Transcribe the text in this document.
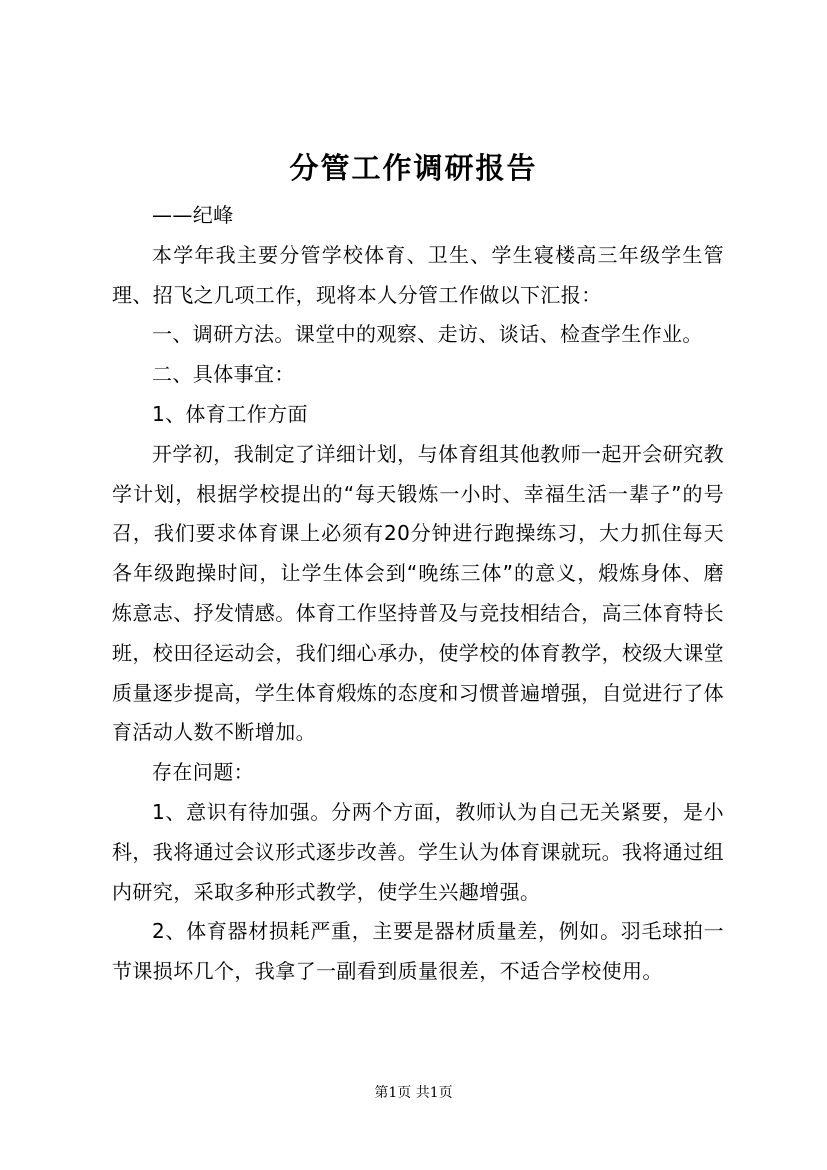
分管工作调研报告

——纪峰

本学年我主要分管学校体育、卫生、学生寝楼高三年级学生管理、招飞之几项工作，现将本人分管工作做以下汇报：

一、调研方法。课堂中的观察、走访、谈话、检查学生作业。

二、具体事宜：

1、体育工作方面

开学初，我制定了详细计划，与体育组其他教师一起开会研究教学计划，根据学校提出的“每天锻炼一小时、幸福生活一辈子”的号召，我们要求体育课上必须有20分钟进行跑操练习，大力抓住每天各年级跑操时间，让学生体会到“晚练三体”的意义，煅炼身体、磨炼意志、抒发情感。体育工作坚持普及与竞技相结合，高三体育特长班，校田径运动会，我们细心承办，使学校的体育教学，校级大课堂质量逐步提高，学生体育煅炼的态度和习惯普遍增强，自觉进行了体育活动人数不断增加。

存在问题：

1、意识有待加强。分两个方面，教师认为自己无关紧要，是小科，我将通过会议形式逐步改善。学生认为体育课就玩。我将通过组内研究，采取多种形式教学，使学生兴趣增强。

2、体育器材损耗严重，主要是器材质量差，例如。羽毛球拍一节课损坏几个，我拿了一副看到质量很差，不适合学校使用。

第1页 共1页
